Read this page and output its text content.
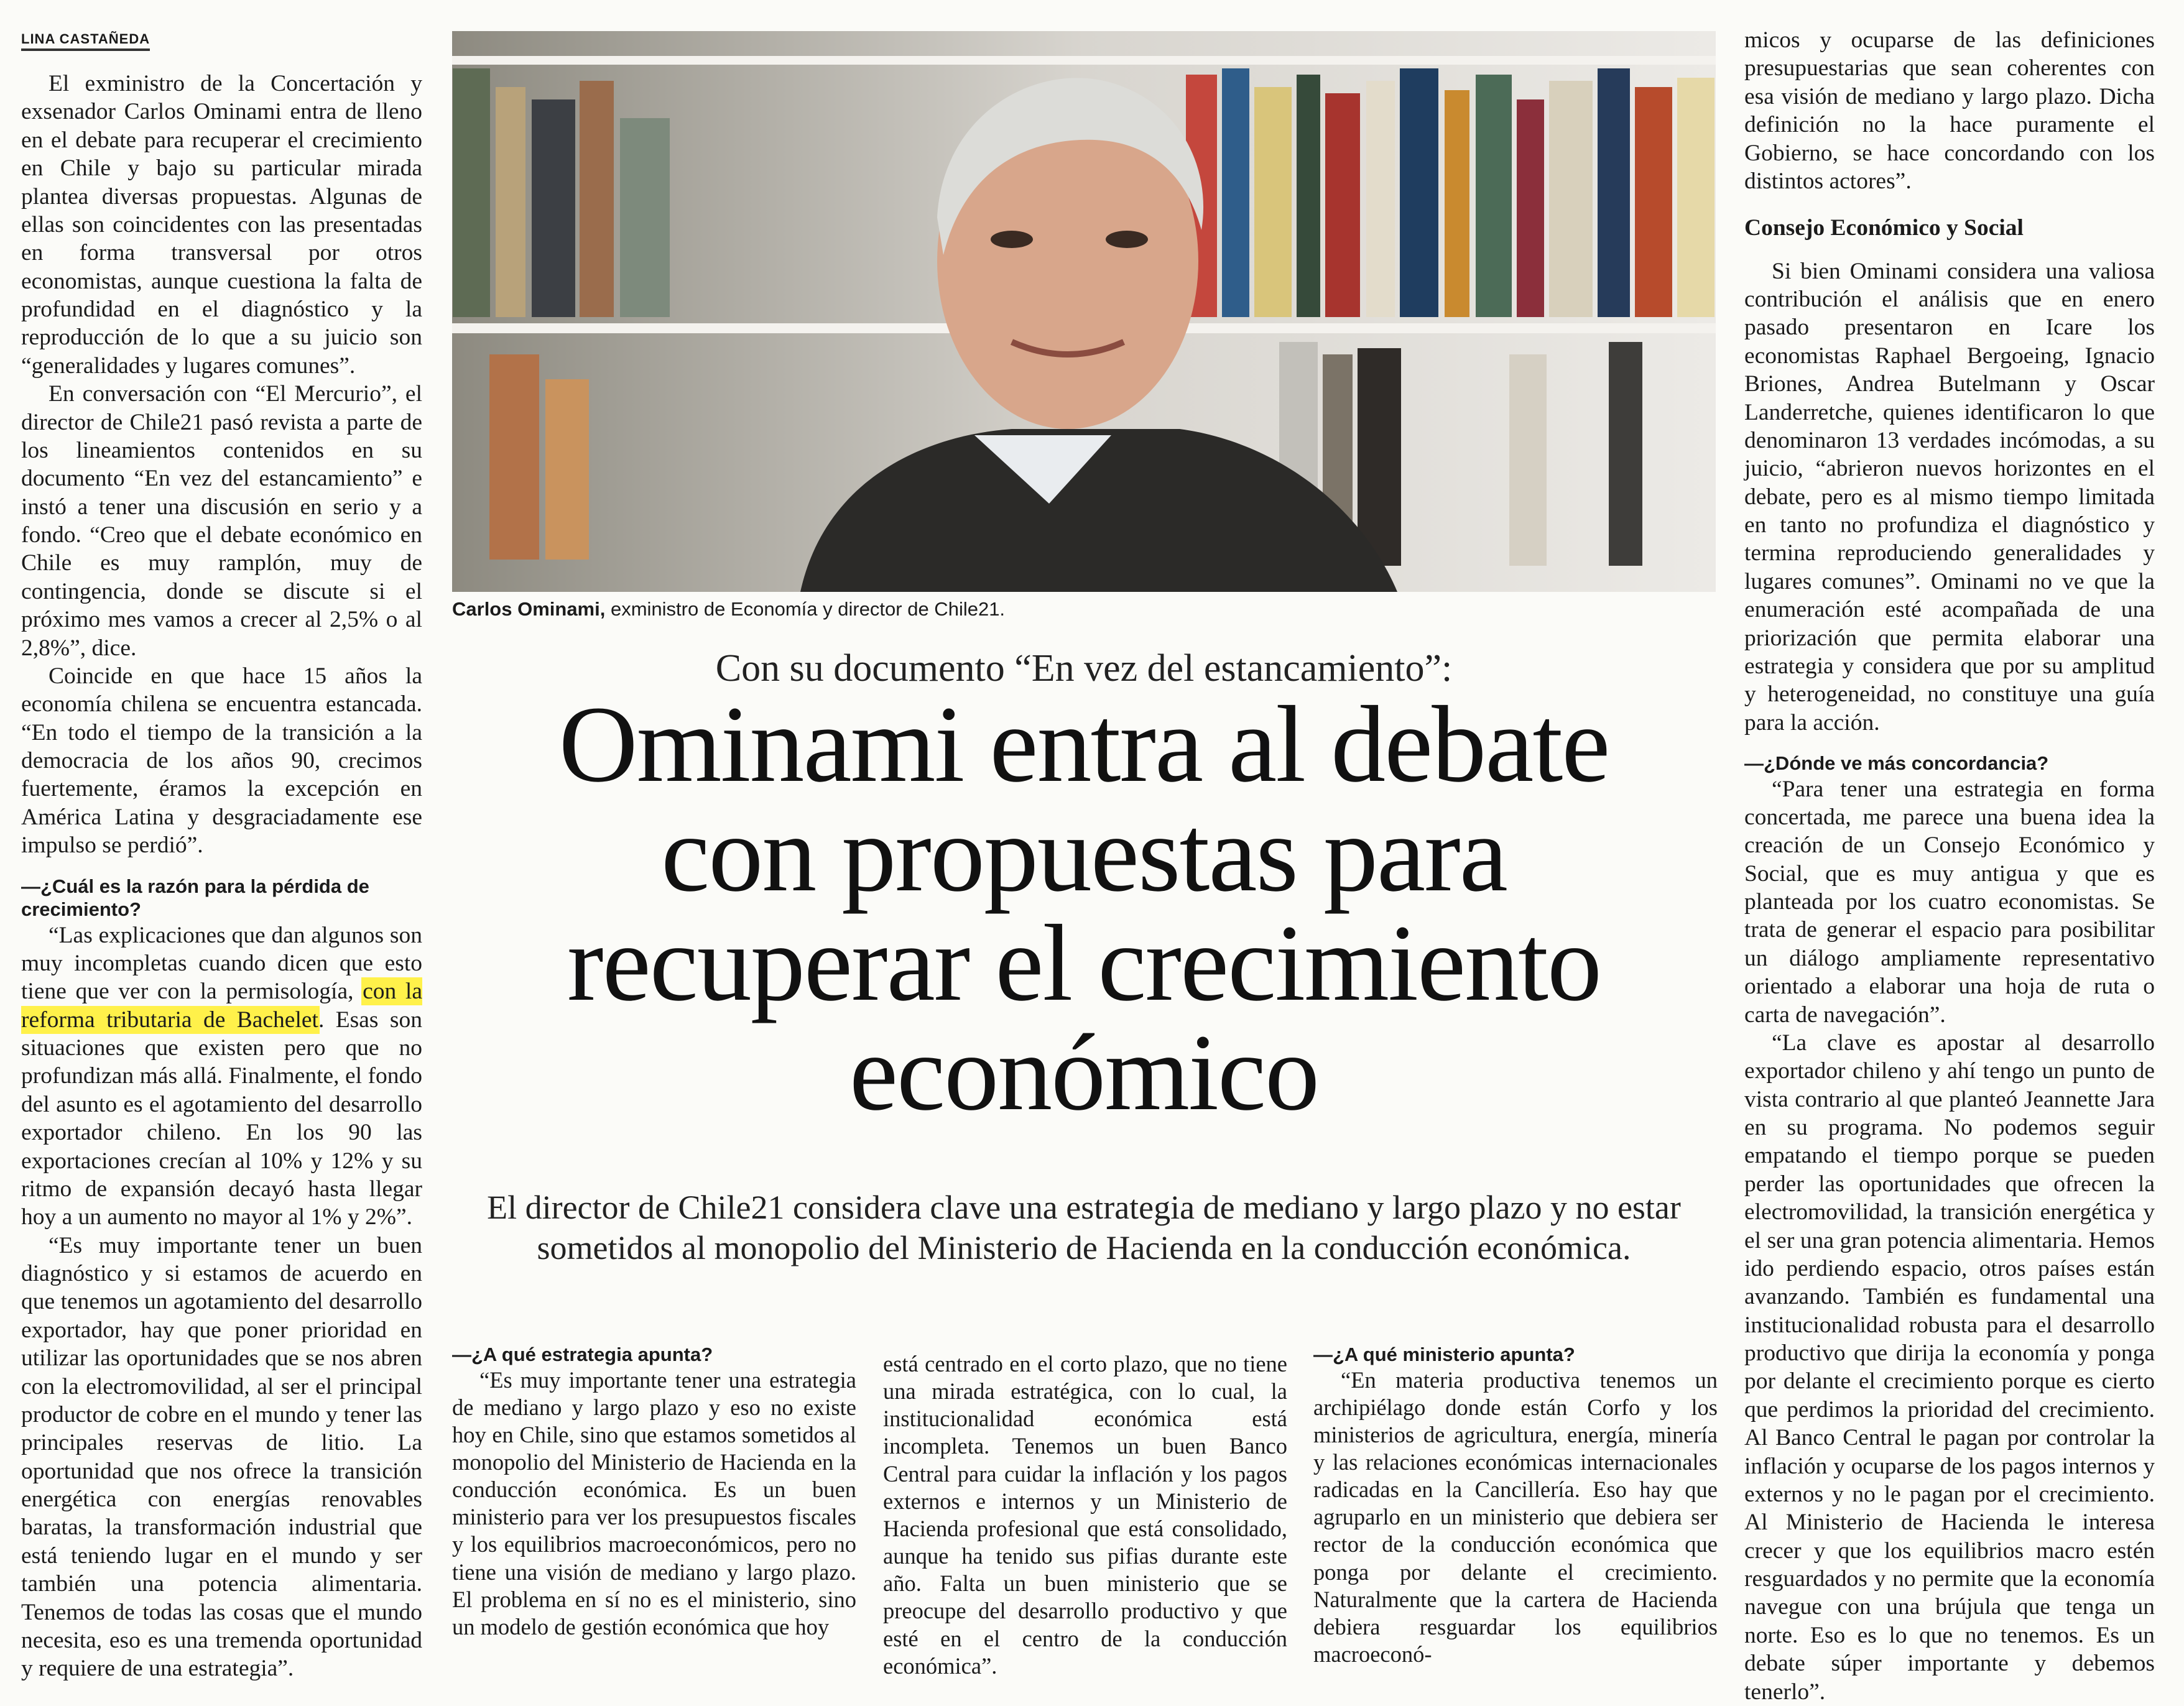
LINA CASTAÑEDA

El exministro de la Concertación y exsenador Carlos Ominami entra de lleno en el debate para recuperar el crecimiento en Chile y bajo su particular mirada plantea diversas propuestas. Algunas de ellas son coincidentes con las presentadas en forma transversal por otros economistas, aunque cuestiona la falta de profundidad en el diagnóstico y la reproducción de lo que a su juicio son “generalidades y lugares comunes”.

En conversación con “El Mercurio”, el director de Chile21 pasó revista a parte de los lineamientos contenidos en su documento “En vez del estancamiento” e instó a tener una discusión en serio y a fondo. “Creo que el debate económico en Chile es muy ramplón, muy de contingencia, donde se discute si el próximo mes vamos a crecer al 2,5% o al 2,8%”, dice.

Coincide en que hace 15 años la economía chilena se encuentra estancada. “En todo el tiempo de la transición a la democracia de los años 90, crecimos fuertemente, éramos la excepción en América Latina y desgraciadamente ese impulso se perdió”.

—¿Cuál es la razón para la pérdida de crecimiento?

“Las explicaciones que dan algunos son muy incompletas cuando dicen que esto tiene que ver con la permisología, con la reforma tributaria de Bachelet. Esas son situaciones que existen pero que no profundizan más allá. Finalmente, el fondo del asunto es el agotamiento del desarrollo exportador chileno. En los 90 las exportaciones crecían al 10% y 12% y su ritmo de expansión decayó hasta llegar hoy a un aumento no mayor al 1% y 2%”.

“Es muy importante tener un buen diagnóstico y si estamos de acuerdo en que tenemos un agotamiento del desarrollo exportador, hay que poner prioridad en utilizar las oportunidades que se nos abren con la electromovilidad, al ser el principal productor de cobre en el mundo y tener las principales reservas de litio. La oportunidad que nos ofrece la transición energética con energías renovables baratas, la transformación industrial que está teniendo lugar en el mundo y ser también una potencia alimentaria. Tenemos de todas las cosas que el mundo necesita, eso es una tremenda oportunidad y requiere de una estrategia”.

Carlos Ominami, exministro de Economía y director de Chile21.
Con su documento “En vez del estancamiento”:
Ominami entra al debate con propuestas para recuperar el crecimiento económico
El director de Chile21 considera clave una estrategia de mediano y largo plazo y no estar sometidos al monopolio del Ministerio de Hacienda en la conducción económica.

—¿A qué estrategia apunta?

“Es muy importante tener una estrategia de mediano y largo plazo y eso no existe hoy en Chile, sino que estamos sometidos al monopolio del Ministerio de Hacienda en la conducción económica. Es un buen ministerio para ver los presupuestos fiscales y los equilibrios macroeconómicos, pero no tiene una visión de mediano y largo plazo. El problema en sí no es el ministerio, sino un modelo de gestión económica que hoy

está centrado en el corto plazo, que no tiene una mirada estratégica, con lo cual, la institucionalidad económica está incompleta. Tenemos un buen Banco Central para cuidar la inflación y los pagos externos e internos y un Ministerio de Hacienda profesional que está consolidado, aunque ha tenido sus pifias durante este año. Falta un buen ministerio que se preocupe del desarrollo productivo y que esté en el centro de la conducción económica”.

—¿A qué ministerio apunta?

“En materia productiva tenemos un archipiélago donde están Corfo y los ministerios de agricultura, energía, minería y las relaciones económicas internacionales radicadas en la Cancillería. Eso hay que agruparlo en un ministerio que debiera ser rector de la conducción económica que ponga por delante el crecimiento. Naturalmente que la cartera de Hacienda debiera resguardar los equilibrios macroeconó-

micos y ocuparse de las definiciones presupuestarias que sean coherentes con esa visión de mediano y largo plazo. Dicha definición no la hace puramente el Gobierno, se hace concordando con los distintos actores”.

Consejo Económico y Social

Si bien Ominami considera una valiosa contribución el análisis que en enero pasado presentaron en Icare los economistas Raphael Bergoeing, Ignacio Briones, Andrea Butelmann y Oscar Landerretche, quienes identificaron lo que denominaron 13 verdades incómodas, a su juicio, “abrieron nuevos horizontes en el debate, pero es al mismo tiempo limitada en tanto no profundiza el diagnóstico y termina reproduciendo generalidades y lugares comunes”. Ominami no ve que la enumeración esté acompañada de una priorización que permita elaborar una estrategia y considera que por su amplitud y heterogeneidad, no constituye una guía para la acción.

—¿Dónde ve más concordancia?

“Para tener una estrategia en forma concertada, me parece una buena idea la creación de un Consejo Económico y Social, que es muy antigua y que es planteada por los cuatro economistas. Se trata de generar el espacio para posibilitar un diálogo ampliamente representativo orientado a elaborar una hoja de ruta o carta de navegación”.

“La clave es apostar al desarrollo exportador chileno y ahí tengo un punto de vista contrario al que planteó Jeannette Jara en su programa. No podemos seguir empatando el tiempo porque se pueden perder las oportunidades que ofrecen la electromovilidad, la transición energética y el ser una gran potencia alimentaria. Hemos ido perdiendo espacio, otros países están avanzando. También es fundamental una institucionalidad robusta para el desarrollo productivo que dirija la economía y ponga por delante el crecimiento porque es cierto que perdimos la prioridad del crecimiento. Al Banco Central le pagan por controlar la inflación y ocuparse de los pagos internos y externos y no le pagan por el crecimiento. Al Ministerio de Hacienda le interesa crecer y que los equilibrios macro estén resguardados y no permite que la economía navegue con una brújula que tenga un norte. Eso es lo que no tenemos. Es un debate súper importante y debemos tenerlo”.
